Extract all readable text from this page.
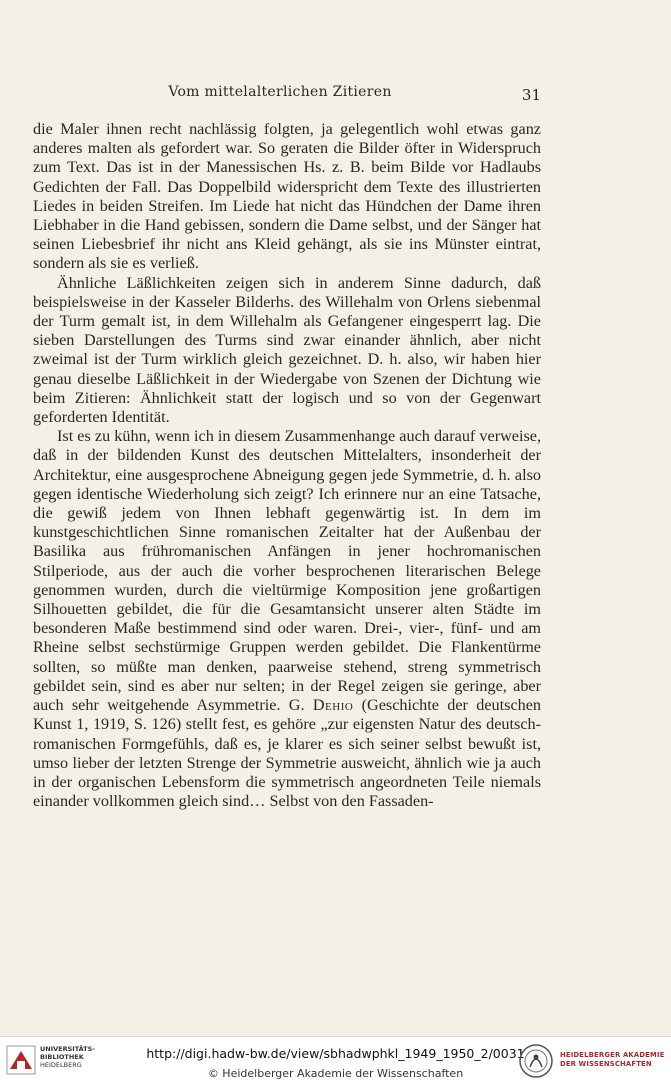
Vom mittelalterlichen Zitieren	31

die Maler ihnen recht nachlässig folgten, ja gelegentlich wohl etwas ganz anderes malten als gefordert war. So geraten die Bilder öfter in Widerspruch zum Text. Das ist in der Manessischen Hs. z. B. beim Bilde vor Hadlaubs Gedichten der Fall. Das Doppelbild widerspricht dem Texte des illustrierten Liedes in beiden Streifen. Im Liede hat nicht das Hündchen der Dame ihren Liebhaber in die Hand gebissen, sondern die Dame selbst, und der Sänger hat seinen Liebesbrief ihr nicht ans Kleid gehängt, als sie ins Münster eintrat, sondern als sie es verließ.

Ähnliche Läßlichkeiten zeigen sich in anderem Sinne dadurch, daß beispielsweise in der Kasseler Bilderhs. des Willehalm von Orlens siebenmal der Turm gemalt ist, in dem Willehalm als Gefangener eingesperrt lag. Die sieben Darstellungen des Turms sind zwar einander ähnlich, aber nicht zweimal ist der Turm wirklich gleich gezeichnet. D. h. also, wir haben hier genau dieselbe Läßlichkeit in der Wiedergabe von Szenen der Dichtung wie beim Zitieren: Ähnlichkeit statt der logisch und so von der Gegenwart geforderten Identität.

Ist es zu kühn, wenn ich in diesem Zusammenhange auch darauf verweise, daß in der bildenden Kunst des deutschen Mittelalters, insonderheit der Architektur, eine ausgesprochene Abneigung gegen jede Symmetrie, d. h. also gegen identische Wiederholung sich zeigt? Ich erinnere nur an eine Tatsache, die gewiß jedem von Ihnen lebhaft gegenwärtig ist. In dem im kunstgeschichtlichen Sinne romanischen Zeitalter hat der Außenbau der Basilika aus frühromanischen Anfängen in jener hochromanischen Stilperiode, aus der auch die vorher besprochenen literarischen Belege genommen wurden, durch die vieltürmige Komposition jene großartigen Silhouetten gebildet, die für die Gesamtansicht unserer alten Städte im besonderen Maße bestimmend sind oder waren. Drei-, vier-, fünf- und am Rheine selbst sechstürmige Gruppen werden gebildet. Die Flankentürme sollten, so müßte man denken, paarweise stehend, streng symmetrisch gebildet sein, sind es aber nur selten; in der Regel zeigen sie geringe, aber auch sehr weitgehende Asymmetrie. G. Dehio (Geschichte der deutschen Kunst 1, 1919, S. 126) stellt fest, es gehöre „zur eigensten Natur des deutsch-romanischen Formgefühls, daß es, je klarer es sich seiner selbst bewußt ist, umso lieber der letzten Strenge der Symmetrie ausweicht, ähnlich wie ja auch in der organischen Lebensform die symmetrisch angeordneten Teile niemals einander vollkommen gleich sind… Selbst von den Fassaden-

UNIVERSITÄTS-
BIBLIOTHEK
HEIDELBERG
http://digi.hadw-bw.de/view/sbhadwphkl_1949_1950_2/0031
© Heidelberger Akademie der Wissenschaften
HEIDELBERGER AKADEMIE
DER WISSENSCHAFTEN
